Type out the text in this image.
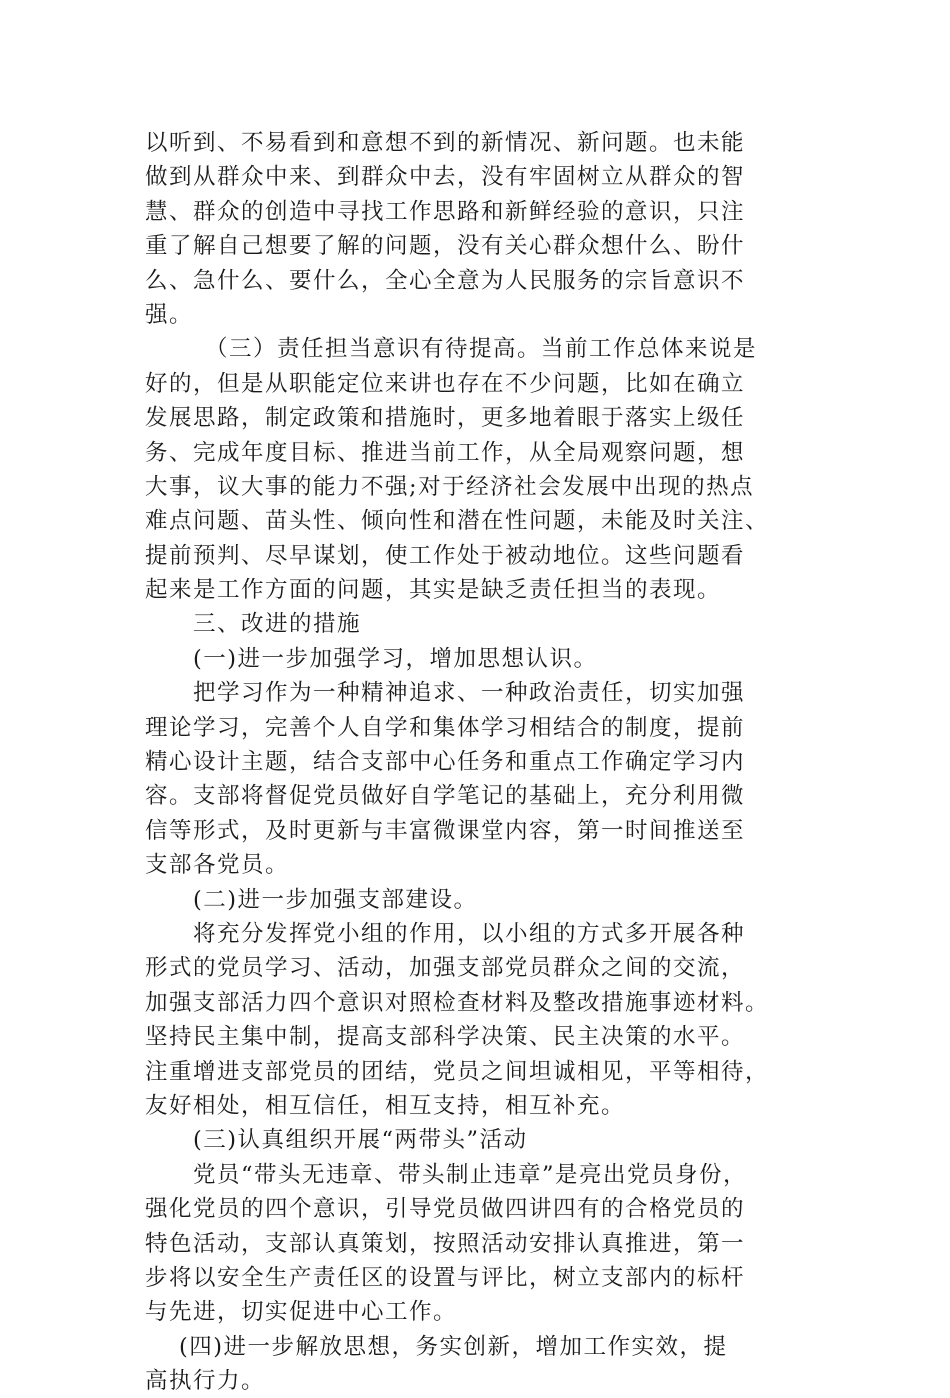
以听到、不易看到和意想不到的新情况、新问题。也未能
做到从群众中来、到群众中去，没有牢固树立从群众的智
慧、群众的创造中寻找工作思路和新鲜经验的意识，只注
重了解自己想要了解的问题，没有关心群众想什么、盼什
么、急什么、要什么，全心全意为人民服务的宗旨意识不
强。
（三）责任担当意识有待提高。当前工作总体来说是
好的，但是从职能定位来讲也存在不少问题，比如在确立
发展思路，制定政策和措施时，更多地着眼于落实上级任
务、完成年度目标、推进当前工作，从全局观察问题，想
大事，议大事的能力不强;对于经济社会发展中出现的热点
难点问题、苗头性、倾向性和潜在性问题，未能及时关注、
提前预判、尽早谋划，使工作处于被动地位。这些问题看
起来是工作方面的问题，其实是缺乏责任担当的表现。
三、改进的措施
(一)进一步加强学习，增加思想认识。
把学习作为一种精神追求、一种政治责任，切实加强
理论学习，完善个人自学和集体学习相结合的制度，提前
精心设计主题，结合支部中心任务和重点工作确定学习内
容。支部将督促党员做好自学笔记的基础上，充分利用微
信等形式，及时更新与丰富微课堂内容，第一时间推送至
支部各党员。
(二)进一步加强支部建设。
将充分发挥党小组的作用，以小组的方式多开展各种
形式的党员学习、活动，加强支部党员群众之间的交流，
加强支部活力四个意识对照检查材料及整改措施事迹材料。
坚持民主集中制，提高支部科学决策、民主决策的水平。
注重增进支部党员的团结，党员之间坦诚相见，平等相待，
友好相处，相互信任，相互支持，相互补充。
(三)认真组织开展“两带头”活动
党员“带头无违章、带头制止违章”是亮出党员身份，
强化党员的四个意识，引导党员做四讲四有的合格党员的
特色活动，支部认真策划，按照活动安排认真推进，第一
步将以安全生产责任区的设置与评比，树立支部内的标杆
与先进，切实促进中心工作。
(四)进一步解放思想，务实创新，增加工作实效，提
高执行力。
